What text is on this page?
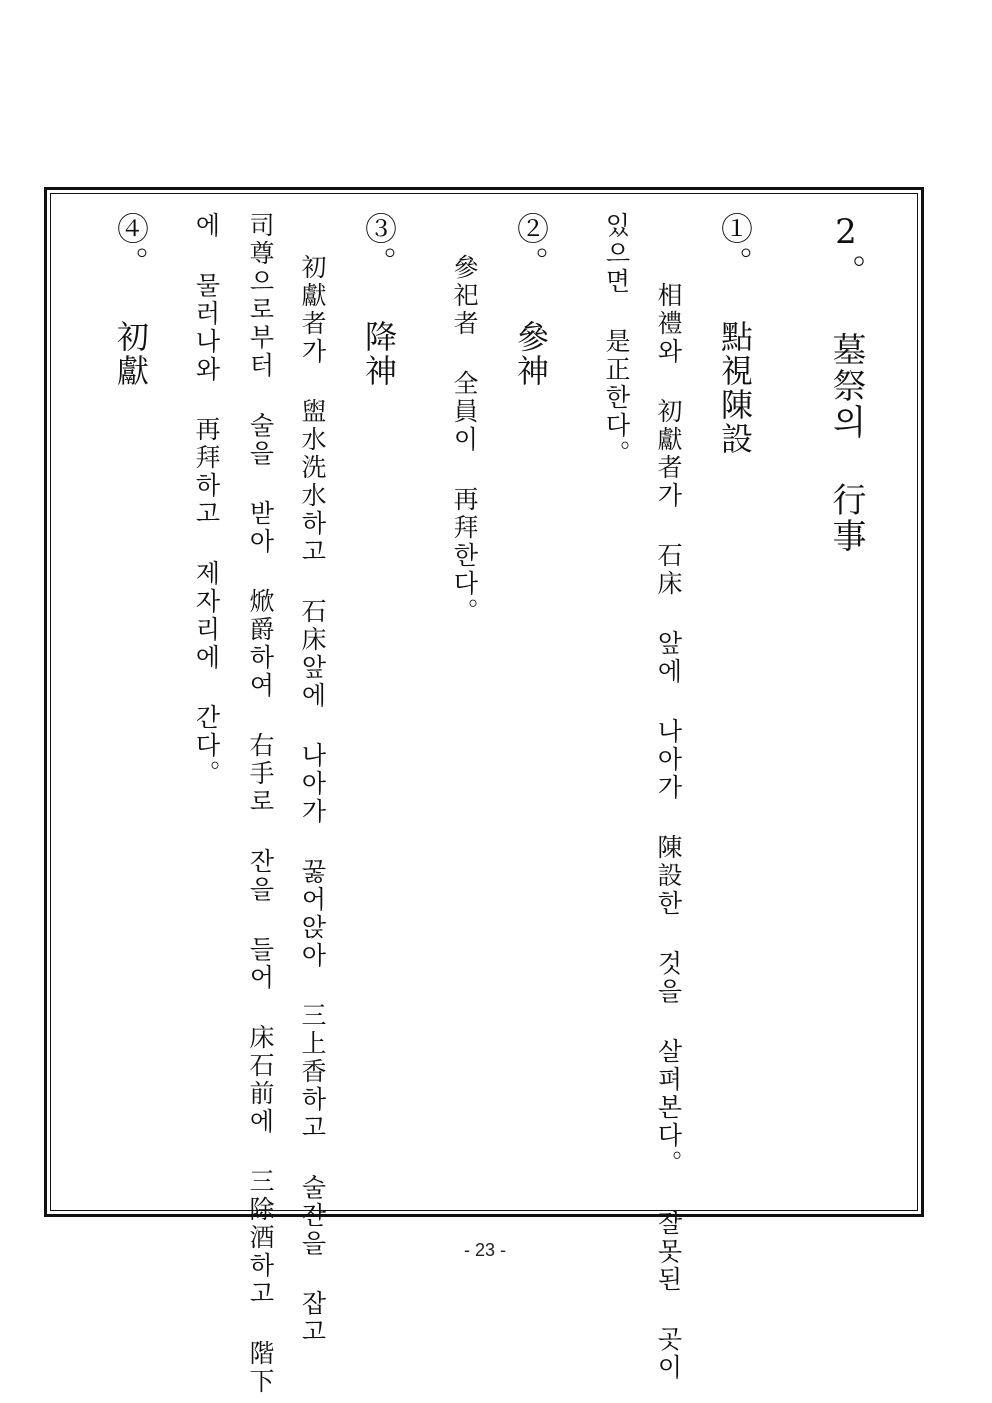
2。 墓祭의 行事
①。 點視陳設
相禮와 初獻者가 石床 앞에 나아가 陳設한 것을 살펴본다。 잘못된 곳이
있으면 是正한다。
②。 參神
參祀者 全員이 再拜한다。
③。 降神
初獻者가 盥水洗水하고 石床앞에 나아가 꿇어앉아 三上香하고 술잔을 잡고
司尊으로부터 술을 받아 焮爵하여 右手로 잔을 들어 床石前에 三除酒하고 階下
에 물러나와 再拜하고 제자리에 간다。
④。 初獻
- 23 -
